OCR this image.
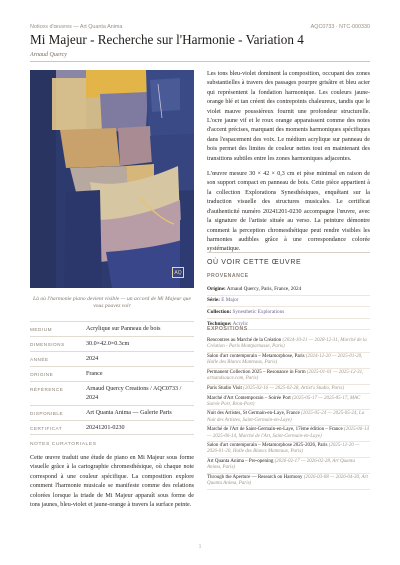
Notices d'œuvres — Art Quanta Anima	AQC0733 · NTC-000330
Mi Majeur - Recherche sur l'Harmonie - Variation 4
Arnaud Quercy
AQ
Là où l'harmonie piano devient visible — un accord de Mi Majeur que vous pouvez voir
MEDIUM	Acrylique sur Panneau de bois
DIMENSIONS	30.0×42.0×0.3cm
ANNÉE	2024
ORIGINE	France
RÉFÉRENCE	Arnaud Quercy Creations / AQC0733 / 2024
DISPONIBLE	Art Quanta Anima — Galerie Paris
CERTIFICAT	20241201-0230
NOTES CURATORIALES
Cette œuvre traduit une étude de piano en Mi Majeur sous forme visuelle grâce à la cartographie chromesthésique, où chaque note correspond à une couleur spécifique. La composition explore comment l'harmonie musicale se manifeste comme des relations colorées lorsque la triade de Mi Majeur apparaît sous forme de tons jaunes, bleu-violet et jaune-orange à travers la surface peinte.

Les tons bleu-violet dominent la composition, occupant des zones substantielles à travers des passages pourpre grisâtre et bleu acier qui représentent la fondation harmonique. Les couleurs jaune-orange blé et tan créent des contrepoints chaleureux, tandis que le violet mauve poussiéreux fournit une profondeur structurelle. L'ocre jaune vif et le roux orange apparaissent comme des notes d'accent précises, marquant des moments harmoniques spécifiques dans l'espacement des voix. Le médium acrylique sur panneau de bois permet des limites de couleur nettes tout en maintenant des transitions subtiles entre les zones harmoniques adjacentes.

L'œuvre mesure 30 × 42 × 0,3 cm et pèse minimal en raison de son support compact en panneau de bois. Cette pièce appartient à la collection Explorations Synesthésiques, enquêtant sur la traduction visuelle des structures musicales. Le certificat d'authenticité numéro 20241201-0230 accompagne l'œuvre, avec la signature de l'artiste située au verso. La peinture démontre comment la perception chromesthétique peut rendre visibles les harmonies audibles grâce à une correspondance colorée systématique.

OÙ VOIR CETTE ŒUVRE
PROVENANCE
Origine: Arnaud Quercy, Paris, France, 2024
Série: E Major
Collection: Synesthetic Explorations
Technique: Acrylic
EXPOSITIONS
Rencontres au Marché de la Création (2024-10-21 — 2028-12-31, Marché de la Création - Paris Montparnasse, Paris)
Salon d'art contemporain – Metamorphose, Paris (2024-12-20 — 2025-01-20, Halle des Blancs Manteaux, Paris)
Permanent Collection 2025 – Resonance in Form (2025-01-01 — 2025-12-31, artsandsauce.com, Paris)
Paris Studio Visit (2025-02-16 — 2025-02-28, Artist's Studio, Paris)
Marché d'Art Contemporain – Soirée Port (2025-05-17 — 2025-05-17, MAC Soirée Port, Bron-Port)
Nuit des Artistes, St Germain-en-Laye, France (2025-05-24 — 2025-05-24, La Nuit des Artistes, Saint-Germain-en-Laye)
Marché de l'Art de Saint-Germain-en-Laye, 17ème édition – France (2025-06-14 — 2025-06-14, Marché de l'Art, Saint-Germain-en-Laye)
Salon d'art contemporain – Metamorphose 2025-2026, Paris (2025-12-20 — 2026-01-20, Halle des Blancs Manteaux, Paris)
Art Quanta Anima – Pre-opening (2026-02-17 — 2026-02-28, Art Quanta Anima, Paris)
Through the Aperture — Research on Harmony (2026-03-08 — 2026-04-30, Art Quanta Anima, Paris)
1
